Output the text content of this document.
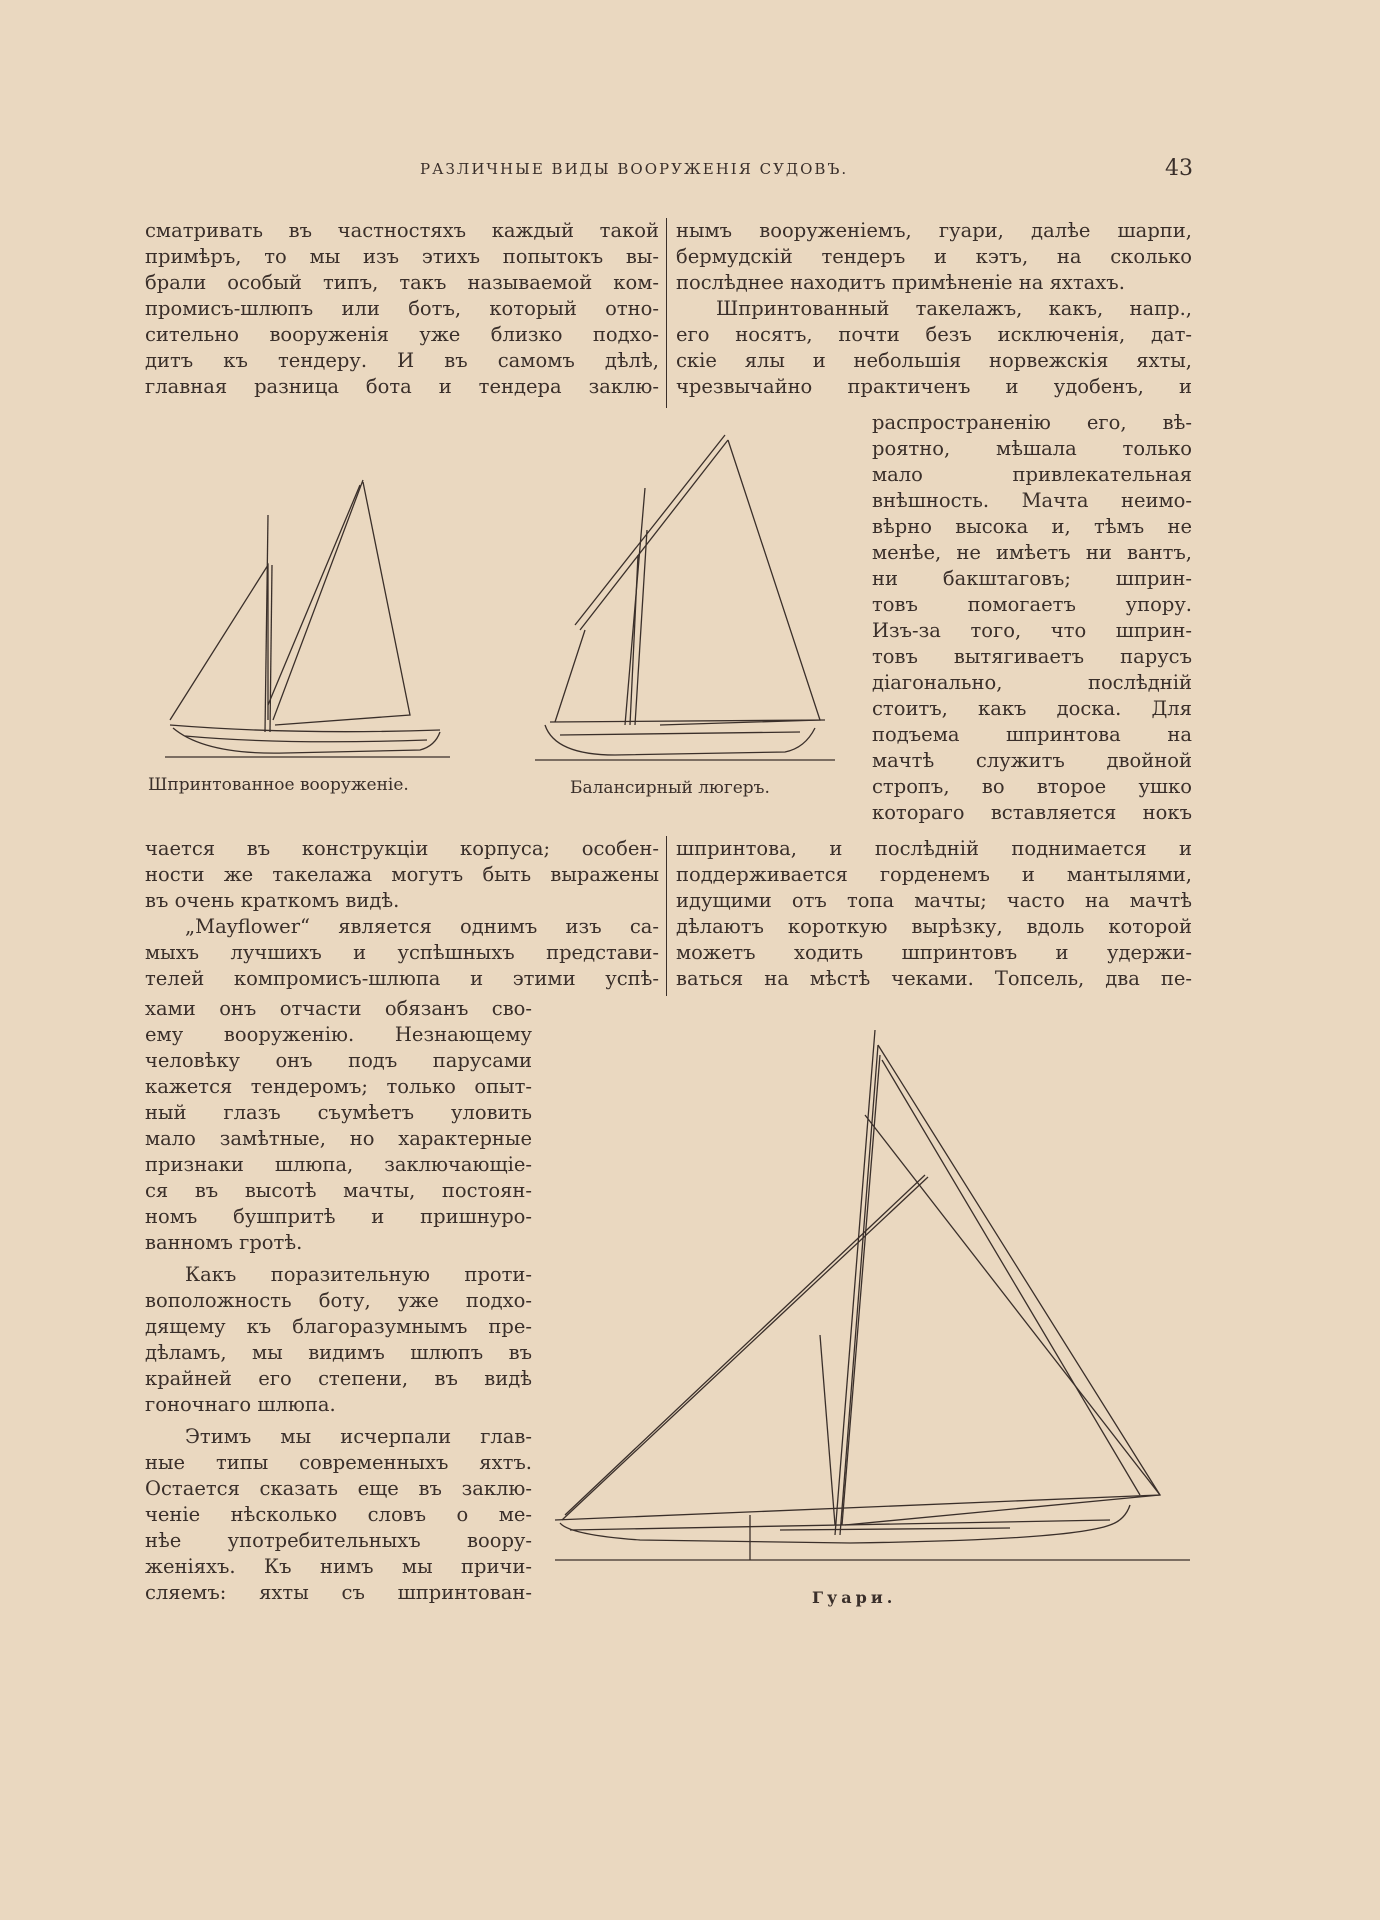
РАЗЛИЧНЫЕ ВИДЫ ВООРУЖЕНIЯ СУДОВЪ.	43
сматривать въ частностяхъ каждый такой
примѣръ, то мы изъ этихъ попытокъ вы-
брали особый типъ, такъ называемой ком-
промисъ-шлюпъ или ботъ, который отно-
сительно вооруженiя уже близко подхо-
дитъ къ тендеру. И въ самомъ дѣлѣ,
главная разница бота и тендера заклю-
нымъ вооруженiемъ, гуари, далѣе шарпи,
бермудскiй тендеръ и кэтъ, на сколько
послѣднее находитъ примѣненiе на яхтахъ.
Шпринтованный такелажъ, какъ, напр.,
его носятъ, почти безъ исключенiя, дат-
скiе ялы и небольшiя норвежскiя яхты,
чрезвычайно практиченъ и удобенъ, и
распространенiю его, вѣ-
роятно, мѣшала только
мало привлекательная
внѣшность. Мачта неимо-
вѣрно высока и, тѣмъ не
менѣе, не имѣетъ ни вантъ,
ни бакштаговъ; шприн-
товъ помогаетъ упору.
Изъ-за того, что шприн-
товъ вытягиваетъ парусъ
дiагонально, послѣднiй
стоитъ, какъ доска. Для
подъема шпринтова на
мачтѣ служитъ двойной
стропъ, во второе ушко
котораго вставляется нокъ
Шпринтованное вооруженiе.	Балансирный люгеръ.
чается въ конструкцiи корпуса; особен-
ности же такелажа могутъ быть выражены
въ очень краткомъ видѣ.
„Mayflower“ является однимъ изъ са-
мыхъ лучшихъ и успѣшныхъ представи-
телей компромисъ-шлюпа и этими успѣ-
шпринтова, и послѣднiй поднимается и
поддерживается горденемъ и мантылями,
идущими отъ топа мачты; часто на мачтѣ
дѣлаютъ короткую вырѣзку, вдоль которой
можетъ ходить шпринтовъ и удержи-
ваться на мѣстѣ чеками. Топсель, два пе-
хами онъ отчасти обязанъ сво-
ему вооруженiю. Незнающему
человѣку онъ подъ парусами
кажется тендеромъ; только опыт-
ный глазъ съумѣетъ уловить
мало замѣтные, но характерные
признаки шлюпа, заключающiе-
ся въ высотѣ мачты, постоян-
номъ бушпритѣ и пришнуро-
ванномъ гротѣ.
Какъ поразительную проти-
воположность боту, уже подхо-
дящему къ благоразумнымъ пре-
дѣламъ, мы видимъ шлюпъ въ
крайней его степени, въ видѣ
гоночнаго шлюпа.
Этимъ мы исчерпали глав-
ные типы современныхъ яхтъ.
Остается сказать еще въ заклю-
ченiе нѣсколько словъ о ме-
нѣе употребительныхъ воору-
женiяхъ. Къ нимъ мы причи-
сляемъ: яхты съ шпринтован-	Гуари.
